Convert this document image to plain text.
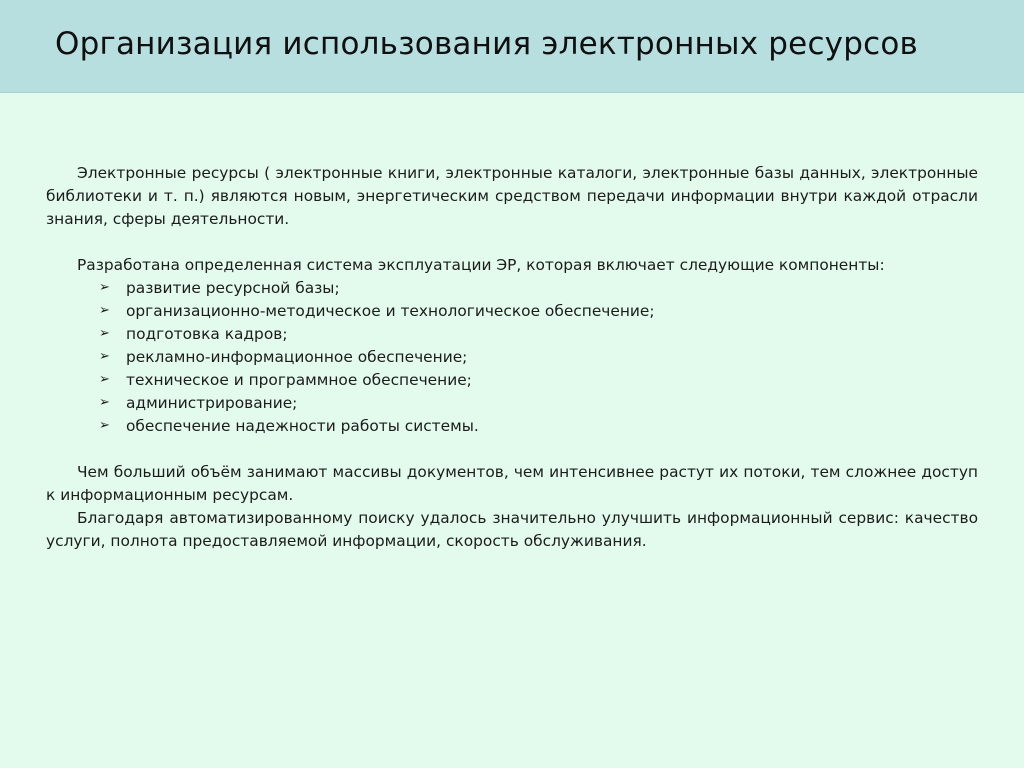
Организация использования электронных ресурсов

Электронные ресурсы ( электронные книги, электронные каталоги, электронные базы данных, электронные библиотеки и т. п.) являются новым, энергетическим средством передачи информации внутри каждой отрасли знания, сферы деятельности.

Разработана определенная система эксплуатации ЭР, которая включает следующие компоненты:
➢ развитие ресурсной базы;
➢ организационно-методическое и технологическое обеспечение;
➢ подготовка кадров;
➢ рекламно-информационное обеспечение;
➢ техническое и программное обеспечение;
➢ администрирование;
➢ обеспечение надежности работы системы.

Чем больший объём занимают массивы документов, чем интенсивнее растут их потоки, тем сложнее доступ к информационным ресурсам.

Благодаря автоматизированному поиску удалось значительно улучшить информационный сервис: качество услуги, полнота предоставляемой информации, скорость обслуживания.
